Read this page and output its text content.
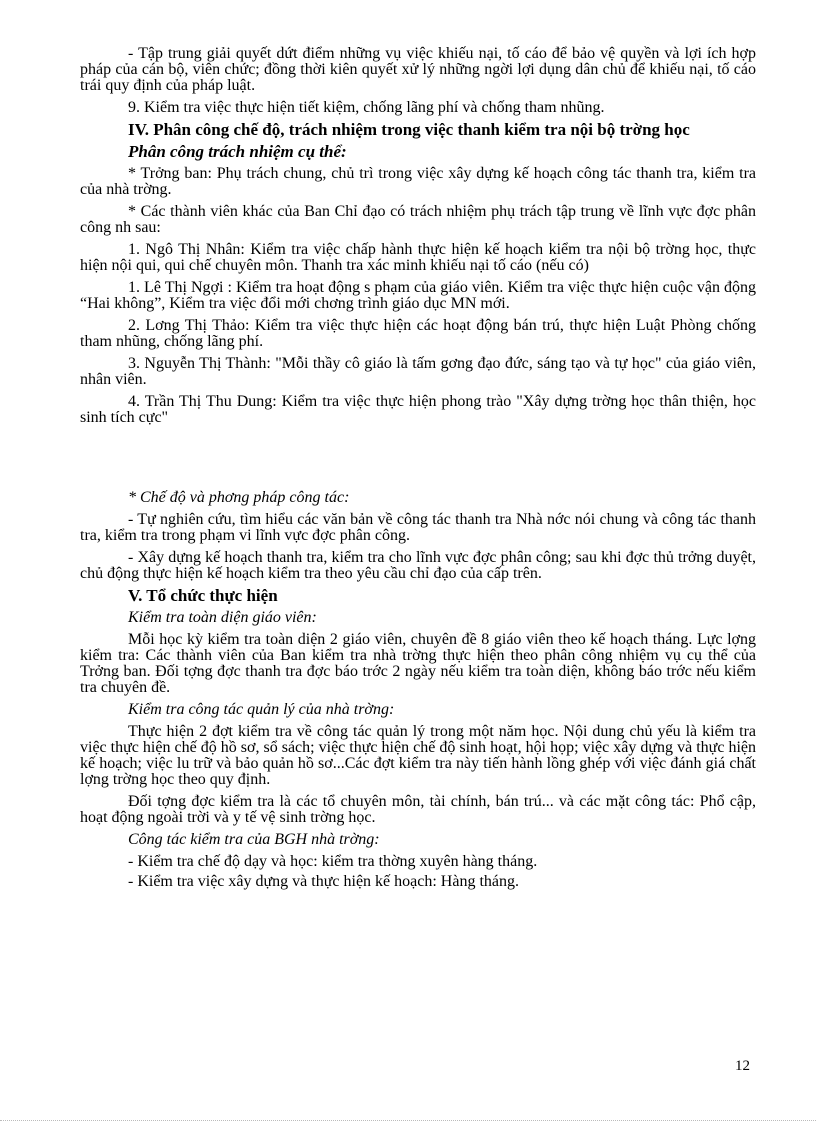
- Tập trung giải quyết dứt điểm những vụ việc khiếu nại, tố cáo để bảo vệ quyền và lợi ích hợp pháp của cán bộ, viên chức; đồng thời kiên quyết xử lý những ngời lợi dụng dân chủ để khiếu nại, tố cáo trái quy định của pháp luật.

9. Kiểm tra việc thực hiện tiết kiệm, chống lãng phí và chống tham nhũng.

IV. Phân công chế độ, trách nhiệm trong việc thanh kiểm tra nội bộ trờng học

Phân công trách nhiệm cụ thể:

* Trởng ban: Phụ trách chung, chủ trì trong việc xây dựng kế hoạch công tác thanh tra, kiểm tra của nhà trờng.

* Các thành viên khác của Ban Chỉ đạo có trách nhiệm phụ trách tập trung về lĩnh vực đợc phân công nh sau:

1. Ngô Thị Nhân: Kiểm tra việc chấp hành thực hiện kế hoạch kiểm tra nội bộ trờng học, thực hiện nội qui, qui chế chuyên môn. Thanh tra xác minh khiếu nại tố cáo (nếu có)

1. Lê Thị Ngợi : Kiểm tra hoạt động s phạm của giáo viên. Kiểm tra việc thực hiện cuộc vận động “Hai không”, Kiểm tra việc đổi mới chơng trình giáo dục MN mới.

2. Lơng Thị Thảo: Kiểm tra việc thực hiện các hoạt động bán trú, thực hiện Luật Phòng chống tham nhũng, chống lãng phí.

3. Nguyễn Thị Thành: "Mỗi thầy cô giáo là tấm gơng đạo đức, sáng tạo và tự học" của giáo viên, nhân viên.

4. Trần Thị Thu Dung: Kiểm tra việc thực hiện phong trào "Xây dựng trờng học thân thiện, học sinh tích cực"

* Chế độ và phơng pháp công tác:

- Tự nghiên cứu, tìm hiểu các văn bản về công tác thanh tra Nhà nớc nói chung và công tác thanh tra, kiểm tra trong phạm vi lĩnh vực đợc phân công.

- Xây dựng kế hoạch thanh tra, kiểm tra cho lĩnh vực đợc phân công; sau khi đợc thủ trởng duyệt, chủ động thực hiện kế hoạch kiểm tra theo yêu cầu chỉ đạo của cấp trên.

V. Tổ chức thực hiện

Kiểm tra toàn diện giáo viên:

Mỗi học kỳ kiểm tra toàn diện 2 giáo viên, chuyên đề 8 giáo viên theo kế hoạch tháng. Lực lợng kiểm tra: Các thành viên của Ban kiểm tra nhà trờng thực hiện theo phân công nhiệm vụ cụ thể của Trởng ban. Đối tợng đợc thanh tra đợc báo trớc 2 ngày nếu kiểm tra toàn diện, không báo trớc nếu kiểm tra chuyên đề.

Kiểm tra công tác quản lý của nhà trờng:

Thực hiện 2 đợt kiểm tra về công tác quản lý trong một năm học. Nội dung chủ yếu là kiểm tra việc thực hiện chế độ hồ sơ, sổ sách; việc thực hiện chế độ sinh hoạt, hội họp; việc xây dựng và thực hiện kế hoạch; việc lu trữ và bảo quản hồ sơ...Các đợt kiểm tra này tiến hành lồng ghép với việc đánh giá chất lợng trờng học theo quy định.

Đối tợng đợc kiểm tra là các tổ chuyên môn, tài chính, bán trú... và các mặt công tác: Phổ cập, hoạt động ngoài trời và y tế vệ sinh trờng học.

Công tác kiểm tra của BGH nhà trờng:

- Kiểm tra chế độ dạy và học: kiểm tra thờng xuyên hàng tháng.

- Kiểm tra việc xây dựng và thực hiện kế hoạch: Hàng tháng.

12
